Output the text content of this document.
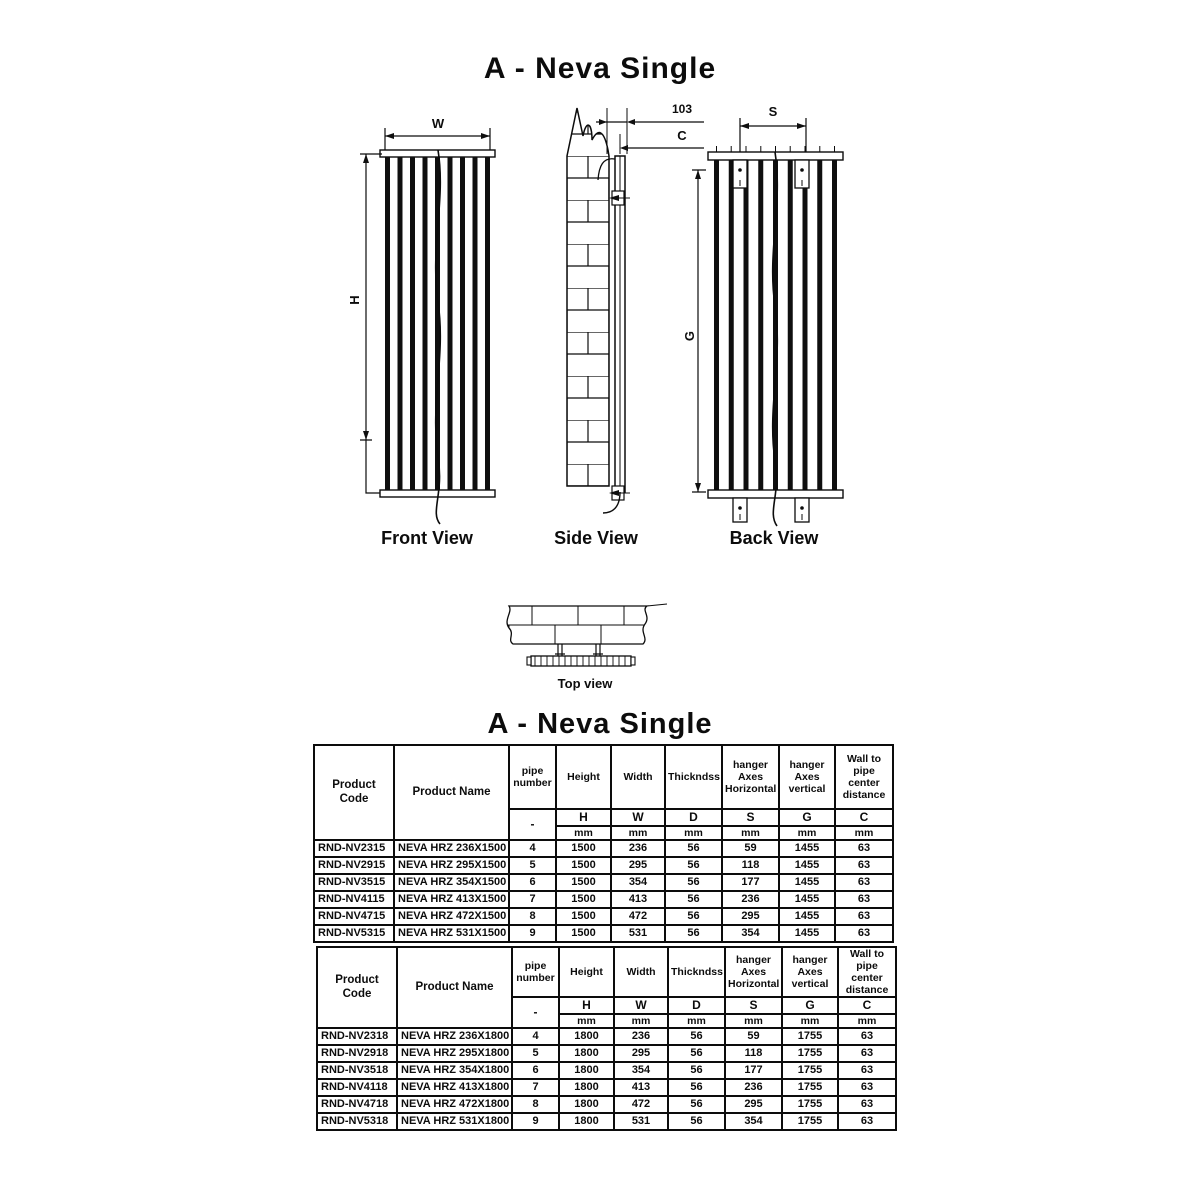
A - Neva Single
W
H
Front View
103
C
Side View
S
G
Back View
Top view
A - Neva Single
Product Code	Product Name	pipe number	Height	Width	Thickndss	hanger Axes Horizontal	hanger Axes vertical	Wall to pipe center distance
		-	H	W	D	S	G	C
			mm	mm	mm	mm	mm	mm
RND-NV2315	NEVA HRZ 236X1500	4	1500	236	56	59	1455	63
RND-NV2915	NEVA HRZ 295X1500	5	1500	295	56	118	1455	63
RND-NV3515	NEVA HRZ 354X1500	6	1500	354	56	177	1455	63
RND-NV4115	NEVA HRZ 413X1500	7	1500	413	56	236	1455	63
RND-NV4715	NEVA HRZ 472X1500	8	1500	472	56	295	1455	63
RND-NV5315	NEVA HRZ 531X1500	9	1500	531	56	354	1455	63
Product Code	Product Name	pipe number	Height	Width	Thickndss	hanger Axes Horizontal	hanger Axes vertical	Wall to pipe center distance
		-	H	W	D	S	G	C
			mm	mm	mm	mm	mm	mm
RND-NV2318	NEVA HRZ 236X1800	4	1800	236	56	59	1755	63
RND-NV2918	NEVA HRZ 295X1800	5	1800	295	56	118	1755	63
RND-NV3518	NEVA HRZ 354X1800	6	1800	354	56	177	1755	63
RND-NV4118	NEVA HRZ 413X1800	7	1800	413	56	236	1755	63
RND-NV4718	NEVA HRZ 472X1800	8	1800	472	56	295	1755	63
RND-NV5318	NEVA HRZ 531X1800	9	1800	531	56	354	1755	63
